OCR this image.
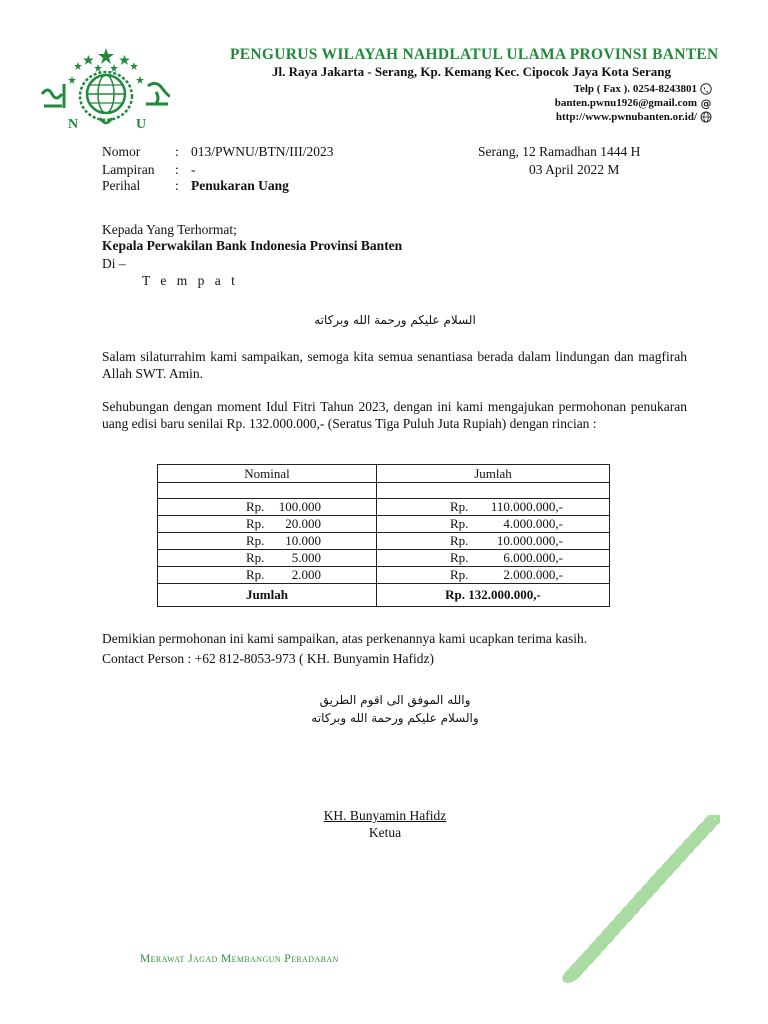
N	U
PENGURUS WILAYAH NAHDLATUL ULAMA PROVINSI BANTEN
Jl. Raya Jakarta - Serang, Kp. Kemang Kec. Cipocok Jaya Kota Serang
Telp ( Fax ). 0254-8243801
banten.pwnu1926@gmail.com @
http://www.pwnubanten.or.id/
Nomor	: 013/PWNU/BTN/III/2023
Lampiran : -
Perihal	: Penukaran Uang
Serang, 12 Ramadhan 1444 H
03 April 2022 M
Kepada Yang Terhormat;
Kepala Perwakilan Bank Indonesia Provinsi Banten
Di –
T e m p a t
السلام عليكم ورحمة الله وبركاته
Salam silaturrahim kami sampaikan, semoga kita semua senantiasa berada dalam lindungan dan magfirah Allah SWT. Amin.
Sehubungan dengan moment Idul Fitri Tahun 2023, dengan ini kami mengajukan permohonan penukaran uang edisi baru senilai Rp. 132.000.000,- (Seratus Tiga Puluh Juta Rupiah) dengan rincian :
Nominal	Jumlah

Rp. 100.000	Rp. 110.000.000,-
Rp. 20.000	Rp. 4.000.000,-
Rp. 10.000	Rp. 10.000.000,-
Rp. 5.000	Rp. 6.000.000,-
Rp. 2.000	Rp. 2.000.000,-
Jumlah	Rp. 132.000.000,-
Demikian permohonan ini kami sampaikan, atas perkenannya kami ucapkan terima kasih.
Contact Person : +62 812-8053-973 ( KH. Bunyamin Hafidz)
والله الموفق الى اقوم الطريق
والسلام عليكم ورحمة الله وبركاته
KH. Bunyamin Hafidz
Ketua
Merawat Jagad Membangun Peradaban
